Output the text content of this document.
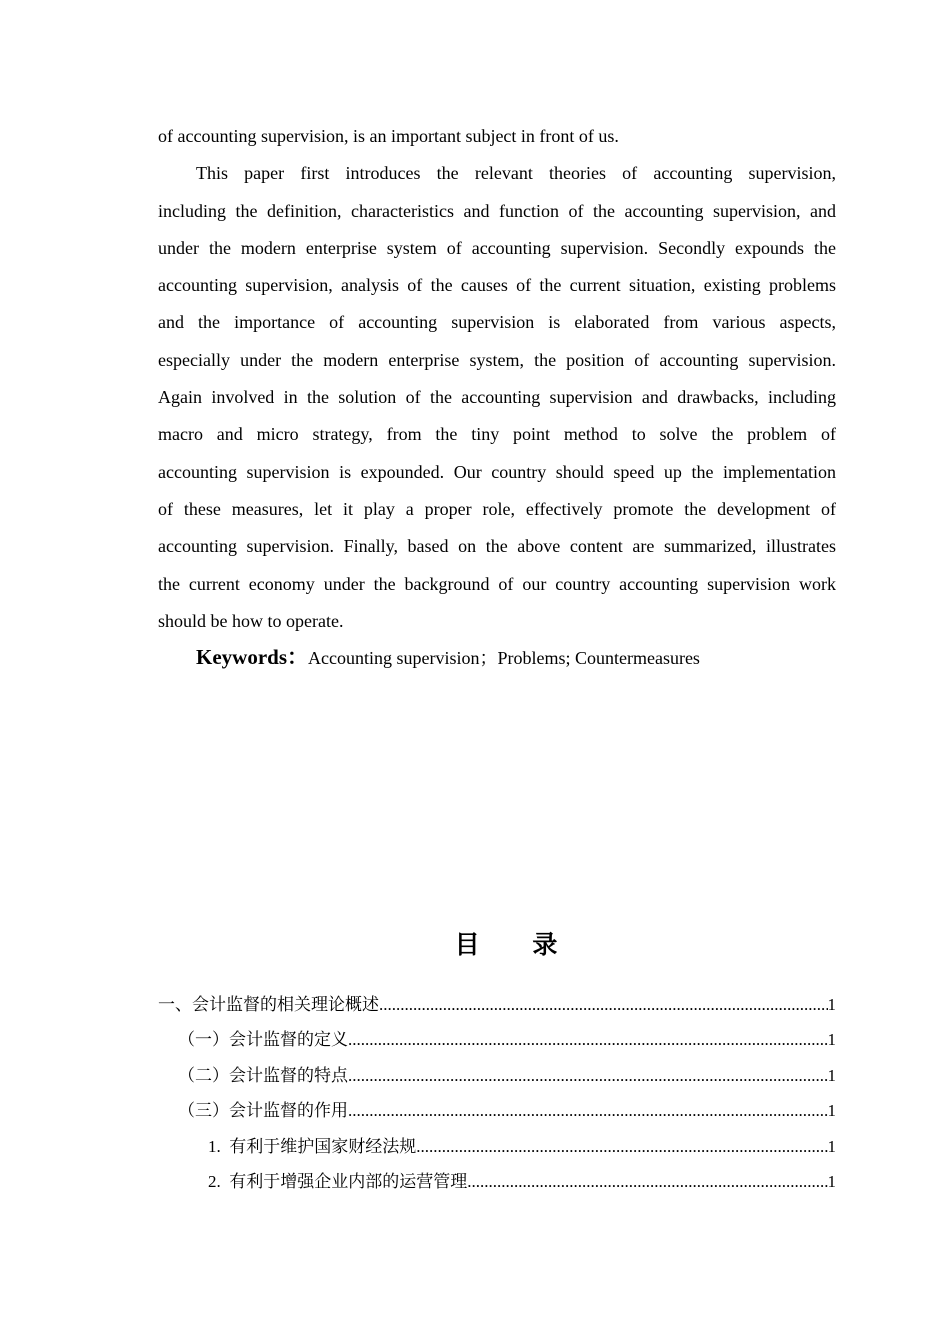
of accounting supervision, is an important subject in front of us.
This paper first introduces the relevant theories of accounting supervision,
including the definition, characteristics and function of the accounting supervision, and
under the modern enterprise system of accounting supervision. Secondly expounds the
accounting supervision, analysis of the causes of the current situation, existing problems
and the importance of accounting supervision is elaborated from various aspects,
especially under the modern enterprise system, the position of accounting supervision.
Again involved in the solution of the accounting supervision and drawbacks, including
macro and micro strategy, from the tiny point method to solve the problem of
accounting supervision is expounded. Our country should speed up the implementation
of these measures, let it play a proper role, effectively promote the development of
accounting supervision. Finally, based on the above content are summarized, illustrates
the current economy under the background of our country accounting supervision work
should be how to operate.
Keywords：Accounting supervision；Problems; Countermeasures
目 录
一、会计监督的相关理论概述 .....	1
（一）会计监督的定义 .....	1
（二）会计监督的特点 .....	1
（三）会计监督的作用 .....	1
1.  有利于维护国家财经法规 .....	1
2.  有利于增强企业内部的运营管理 .....	1
